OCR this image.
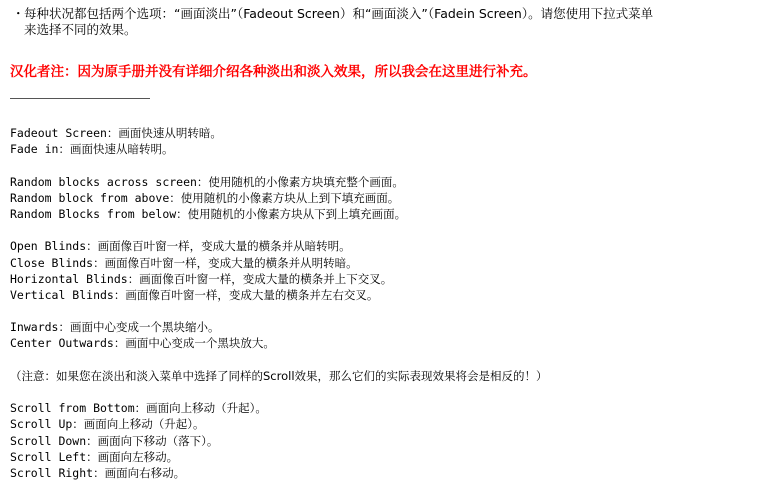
・每种状况都包括两个选项：“画面淡出”（Fadeout Screen）和“画面淡入”（Fadein Screen）。请您使用下拉式菜单
来选择不同的效果。
汉化者注：因为原手册并没有详细介绍各种淡出和淡入效果，所以我会在这里进行补充。
Fadeout Screen：画面快速从明转暗。
Fade in：画面快速从暗转明。
Random blocks across screen：使用随机的小像素方块填充整个画面。
Random block from above：使用随机的小像素方块从上到下填充画面。
Random Blocks from below：使用随机的小像素方块从下到上填充画面。
Open Blinds：画面像百叶窗一样，变成大量的横条并从暗转明。
Close Blinds：画面像百叶窗一样，变成大量的横条并从明转暗。
Horizontal Blinds：画面像百叶窗一样，变成大量的横条并上下交叉。
Vertical Blinds：画面像百叶窗一样，变成大量的横条并左右交叉。
Inwards：画面中心变成一个黑块缩小。
Center Outwards：画面中心变成一个黑块放大。
（注意：如果您在淡出和淡入菜单中选择了同样的Scroll效果，那么它们的实际表现效果将会是相反的！）
Scroll from Bottom：画面向上移动（升起）。
Scroll Up：画面向上移动（升起）。
Scroll Down：画面向下移动（落下）。
Scroll Left：画面向左移动。
Scroll Right：画面向右移动。
